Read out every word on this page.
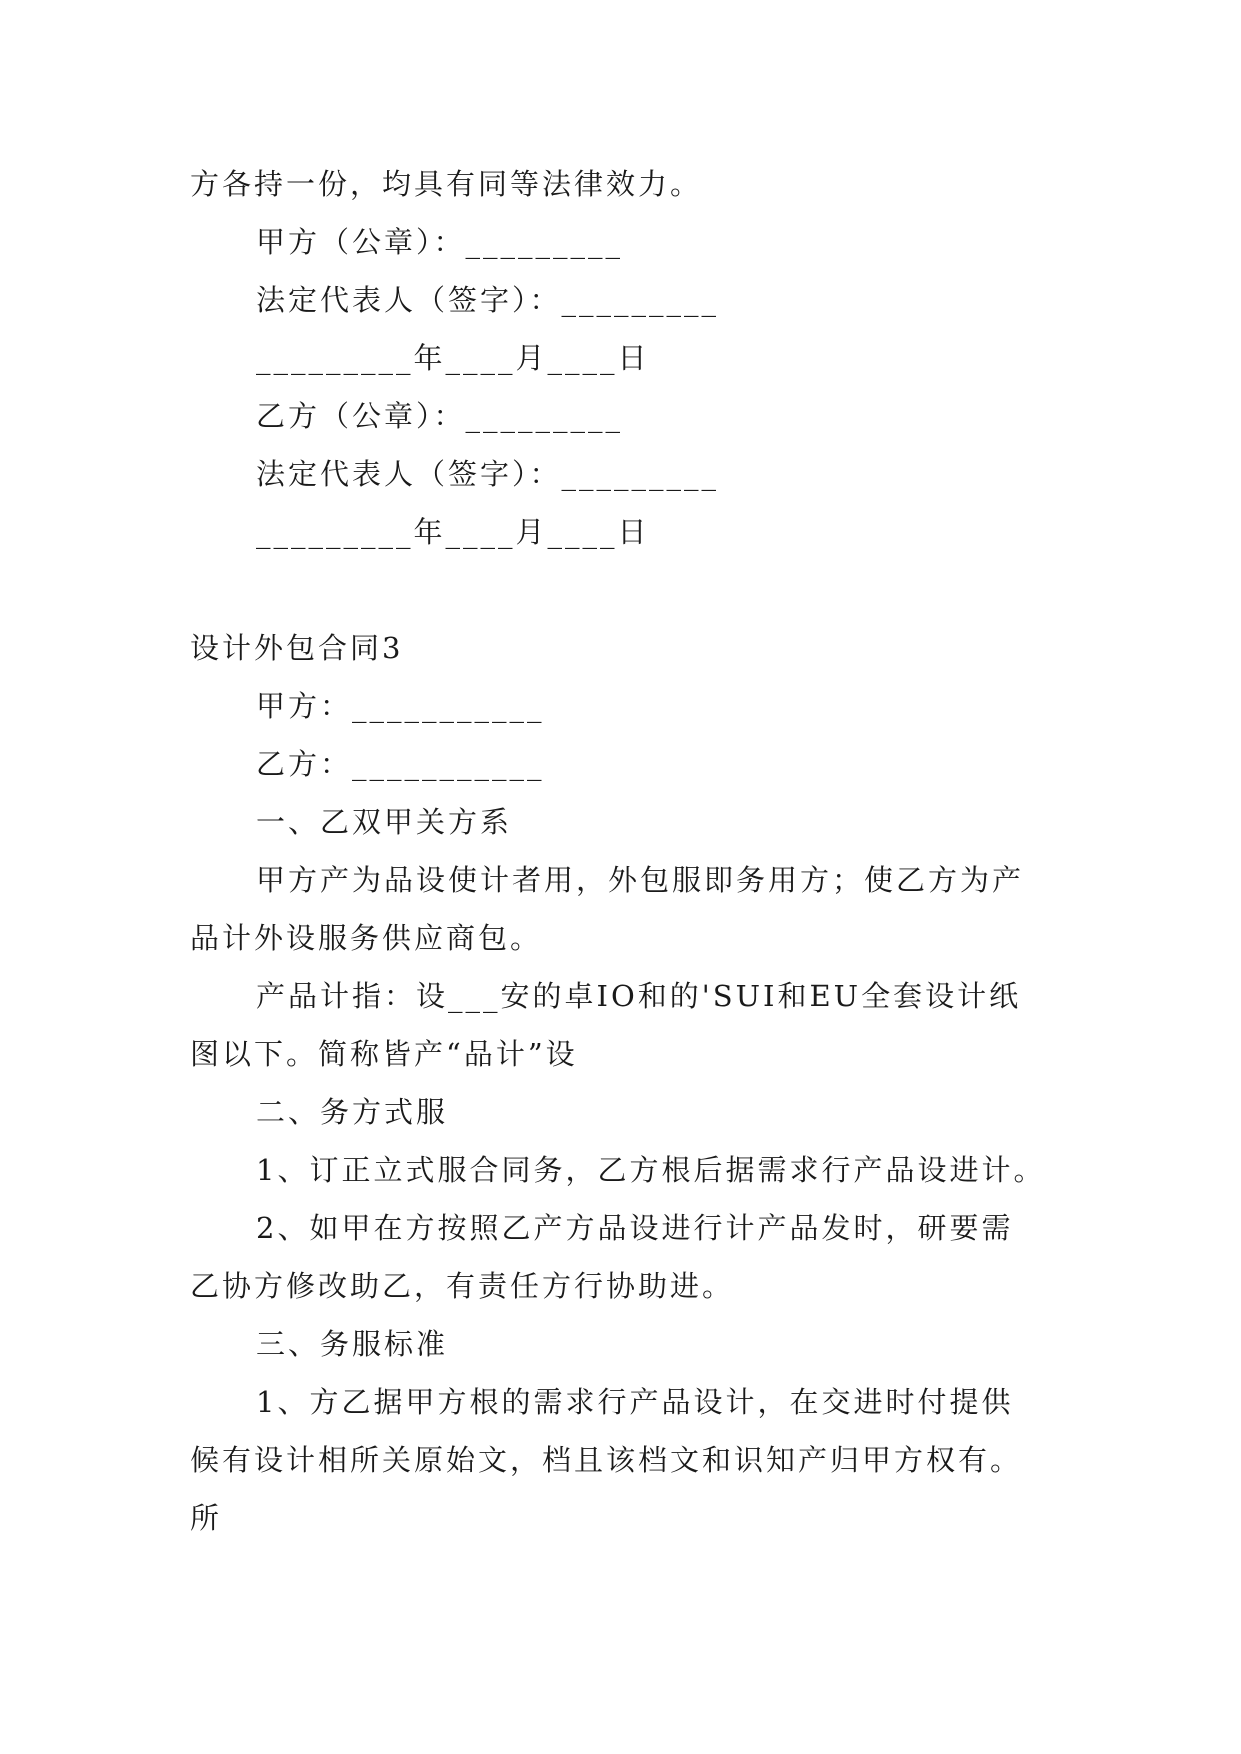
方各持一份，均具有同等法律效力。
甲方（公章）：_________
法定代表人（签字）：_________
_________年____月____日
乙方（公章）：_________
法定代表人（签字）：_________
_________年____月____日
设计外包合同3
甲方：___________
乙方：___________
一、乙双甲关方系
甲方产为品设使计者用，外包服即务用方；使乙方为产
品计外设服务供应商包。
产品计指：设___安的卓IO和的'SUI和EU全套设计纸
图以下。简称皆产“品计”设
二、务方式服
1、订正立式服合同务，乙方根后据需求行产品设进计。
2、如甲在方按照乙产方品设进行计产品发时，研要需
乙协方修改助乙，有责任方行协助进。
三、务服标准
1、方乙据甲方根的需求行产品设计，在交进时付提供
候有设计相所关原始文，档且该档文和识知产归甲方权有。
所
